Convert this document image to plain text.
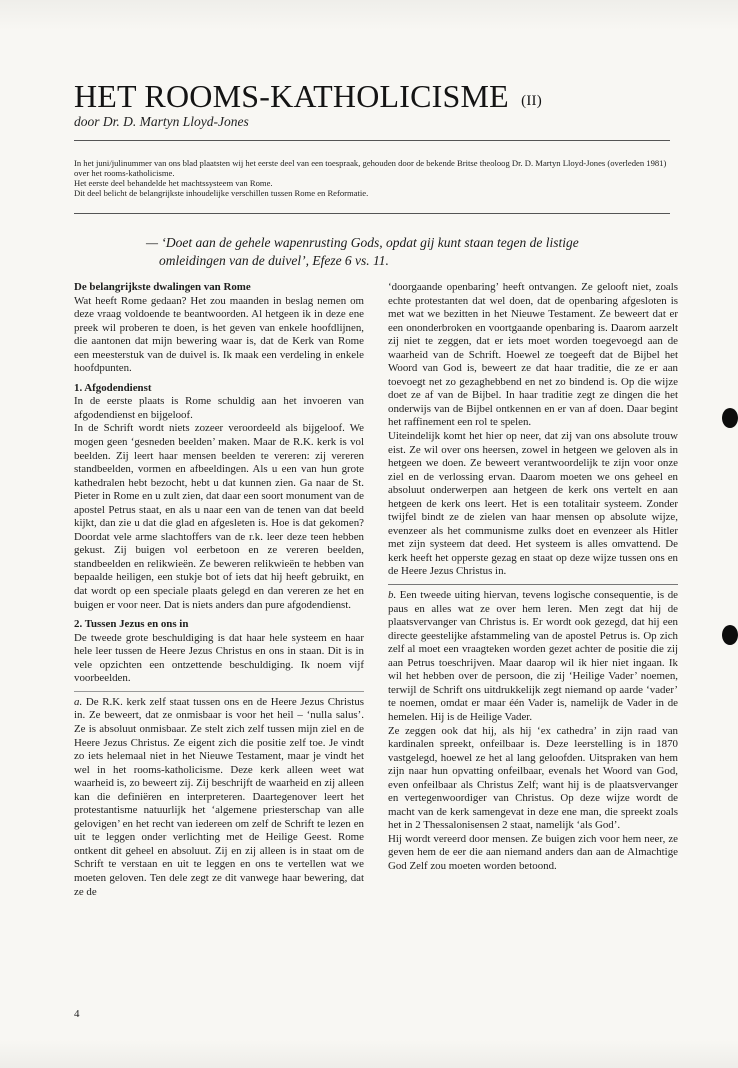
HET ROOMS-KATHOLICISME (II)
door Dr. D. Martyn Lloyd-Jones

In het juni/julinummer van ons blad plaatsten wij het eerste deel van een toespraak, gehouden door de bekende Britse theoloog Dr. D. Martyn Lloyd-Jones (overleden 1981) over het rooms-katholicisme.

Het eerste deel behandelde het machtssysteem van Rome.

Dit deel belicht de belangrijkste inhoudelijke verschillen tussen Rome en Reformatie.

— ‘Doet aan de gehele wapenrusting Gods, opdat gij kunt staan tegen de listige
omleidingen van de duivel’, Efeze 6 vs. 11.
De belangrijkste dwalingen van Rome

Wat heeft Rome gedaan? Het zou maanden in beslag nemen om deze vraag voldoende te beantwoorden. Al hetgeen ik in deze ene preek wil proberen te doen, is het geven van enkele hoofdlijnen, die aantonen dat mijn bewering waar is, dat de Kerk van Rome een meesterstuk van de duivel is. Ik maak een verdeling in enkele hoofdpunten.

1. Afgodendienst

In de eerste plaats is Rome schuldig aan het invoeren van afgodendienst en bijgeloof.

In de Schrift wordt niets zozeer veroordeeld als bijgeloof. We mogen geen ‘gesneden beelden’ maken. Maar de R.K. kerk is vol beelden. Zij leert haar mensen beelden te vereren: zij vereren standbeelden, vormen en afbeeldingen. Als u een van hun grote kathedralen hebt bezocht, hebt u dat kunnen zien. Ga naar de St. Pieter in Rome en u zult zien, dat daar een soort monument van de apostel Petrus staat, en als u naar een van de tenen van dat beeld kijkt, dan zie u dat die glad en afgesleten is. Hoe is dat gekomen? Doordat vele arme slachtoffers van de r.k. leer deze teen hebben gekust. Zij buigen vol eerbetoon en ze vereren beelden, standbeelden en relikwieën. Ze beweren relikwieën te hebben van bepaalde heiligen, een stukje bot of iets dat hij heeft gebruikt, en dat wordt op een speciale plaats gelegd en dan vereren ze het en buigen er voor neer. Dat is niets anders dan pure afgodendienst.

2. Tussen Jezus en ons in

De tweede grote beschuldiging is dat haar hele systeem en haar hele leer tussen de Heere Jezus Christus en ons in staan. Dit is in vele opzichten een ontzettende beschuldiging. Ik noem vijf voorbeelden.

a. De R.K. kerk zelf staat tussen ons en de Heere Jezus Christus in. Ze beweert, dat ze onmisbaar is voor het heil – ‘nulla salus’. Ze is absoluut onmisbaar. Ze stelt zich zelf tussen mijn ziel en de Heere Jezus Christus. Ze eigent zich die positie zelf toe. Je vindt zo iets helemaal niet in het Nieuwe Testament, maar je vindt het wel in het rooms-katholicisme. Deze kerk alleen weet wat waarheid is, zo beweert zij. Zij beschrijft de waarheid en zij alleen kan die definiëren en interpreteren. Daartegenover leert het protestantisme natuurlijk het ‘algemene priesterschap van alle gelovigen’ en het recht van iedereen om zelf de Schrift te lezen en uit te leggen onder verlichting met de Heilige Geest. Rome ontkent dit geheel en absoluut. Zij en zij alleen is in staat om de Schrift te verstaan en uit te leggen en ons te vertellen wat we moeten geloven. Ten dele zegt ze dit vanwege haar bewering, dat ze de

‘doorgaande openbaring’ heeft ontvangen. Ze gelooft niet, zoals echte protestanten dat wel doen, dat de openbaring afgesloten is met wat we bezitten in het Nieuwe Testament. Ze beweert dat er een ononderbroken en voortgaande openbaring is. Daarom aarzelt zij niet te zeggen, dat er iets moet worden toegevoegd aan de waarheid van de Schrift. Hoewel ze toegeeft dat de Bijbel het Woord van God is, beweert ze dat haar traditie, die ze er aan toevoegt net zo gezaghebbend en net zo bindend is. Op die wijze doet ze af van de Bijbel. In haar traditie zegt ze dingen die het onderwijs van de Bijbel ontkennen en er van af doen. Daar begint het raffinement een rol te spelen.

Uiteindelijk komt het hier op neer, dat zij van ons absolute trouw eist. Ze wil over ons heersen, zowel in hetgeen we geloven als in hetgeen we doen. Ze beweert verantwoordelijk te zijn voor onze ziel en de verlossing ervan. Daarom moeten we ons geheel en absoluut onderwerpen aan hetgeen de kerk ons vertelt en aan hetgeen de kerk ons leert. Het is een totalitair systeem. Zonder twijfel bindt ze de zielen van haar mensen op absolute wijze, evenzeer als het communisme zulks doet en evenzeer als Hitler met zijn systeem dat deed. Het systeem is alles omvattend. De kerk heeft het opperste gezag en staat op deze wijze tussen ons en de Heere Jezus Christus in.

b. Een tweede uiting hiervan, tevens logische consequentie, is de paus en alles wat ze over hem leren. Men zegt dat hij de plaatsvervanger van Christus is. Er wordt ook gezegd, dat hij een directe geestelijke afstammeling van de apostel Petrus is. Op zich zelf al moet een vraagteken worden gezet achter de positie die zij aan Petrus toeschrijven. Maar daarop wil ik hier niet ingaan. Ik wil het hebben over de persoon, die zij ‘Heilige Vader’ noemen, terwijl de Schrift ons uitdrukkelijk zegt niemand op aarde ‘vader’ te noemen, omdat er maar één Vader is, namelijk de Vader in de hemelen. Hij is de Heilige Vader.

Ze zeggen ook dat hij, als hij ‘ex cathedra’ in zijn raad van kardinalen spreekt, onfeilbaar is. Deze leerstelling is in 1870 vastgelegd, hoewel ze het al lang geloofden. Uitspraken van hem zijn naar hun opvatting onfeilbaar, evenals het Woord van God, even onfeilbaar als Christus Zelf; want hij is de plaatsvervanger en vertegenwoordiger van Christus. Op deze wijze wordt de macht van de kerk samengevat in deze ene man, die spreekt zoals het in 2 Thessalonisensen 2 staat, namelijk ‘als God’.

Hij wordt vereerd door mensen. Ze buigen zich voor hem neer, ze geven hem de eer die aan niemand anders dan aan de Almachtige God Zelf zou moeten worden betoond.

4
